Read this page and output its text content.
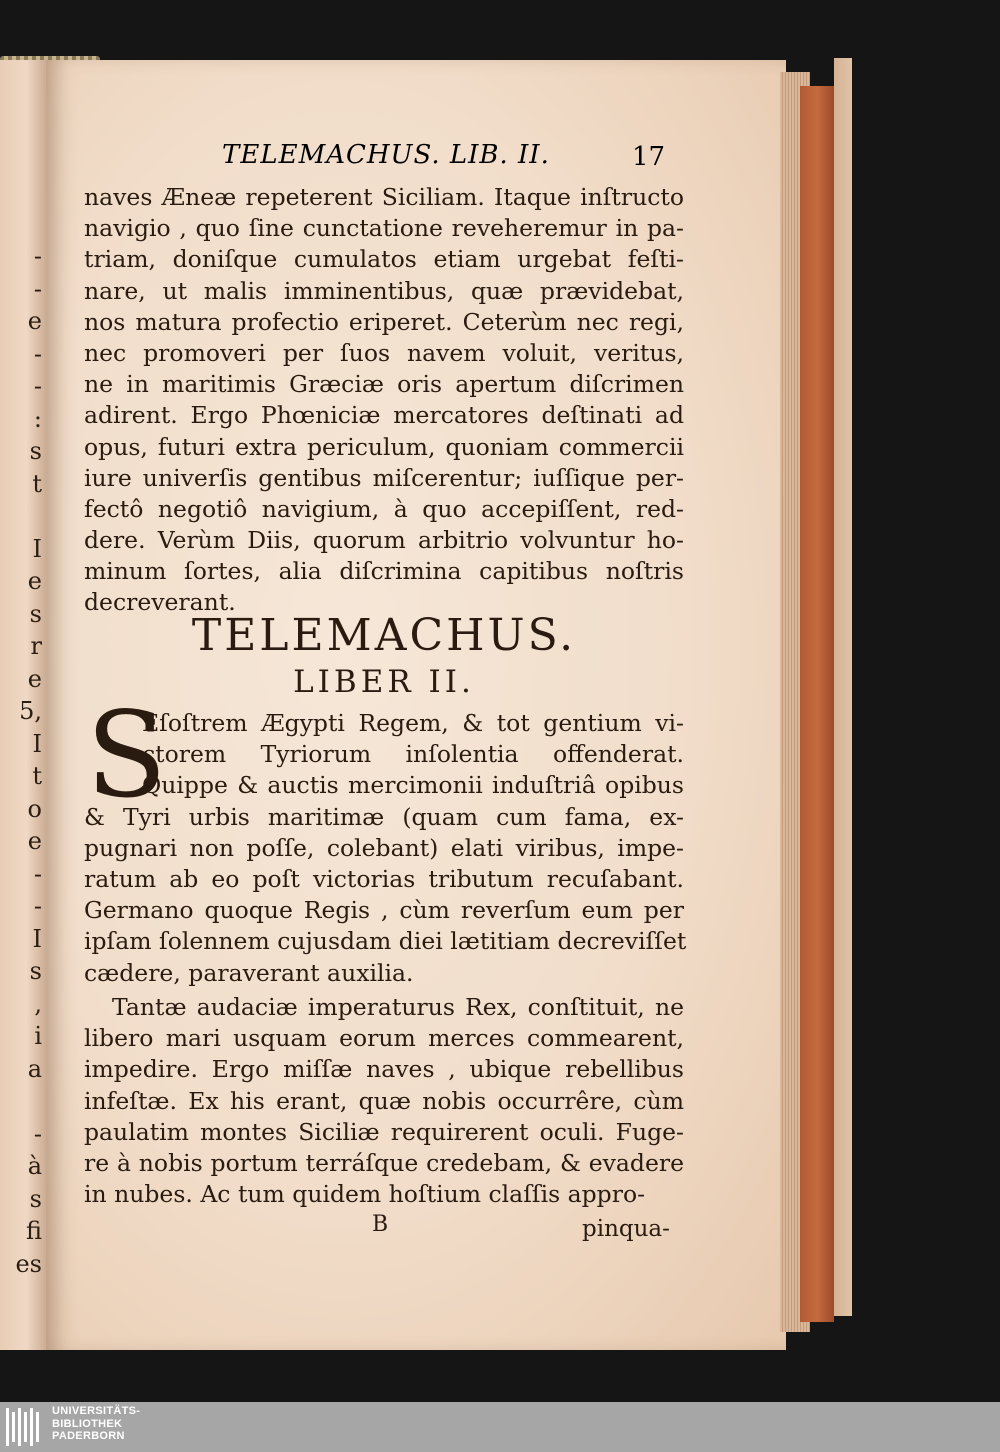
-
-
e
-
-
:
s
t
I
e
s
r
e
5,
I
t
o
e
-
-
I
s
,
i
a
-
à
s
fi
es
TELEMACHUS. LIB. II.	17
naves Æneæ repeterent Siciliam. Itaque inſtructo
navigio , quo ſine cunctatione reveheremur in pa-
triam, doniſque cumulatos etiam urgebat feſti-
nare, ut malis imminentibus, quæ prævidebat,
nos matura profectio eriperet. Ceterùm nec regi,
nec promoveri per ſuos navem voluit, veritus,
ne in maritimis Græciæ oris apertum diſcrimen
adirent. Ergo Phœniciæ mercatores deſtinati ad
opus, futuri extra periculum, quoniam commercii
iure univerſis gentibus miſcerentur; iuſſique per-
fectô negotiô navigium, à quo accepiſſent, red-
dere. Verùm Diis, quorum arbitrio volvuntur ho-
minum ſortes, alia diſcrimina capitibus noſtris
decreverant.
TELEMACHUS.
LIBER II.
S
Eſoſtrem Ægypti Regem, & tot gentium vi-
ctorem Tyriorum inſolentia offenderat.
Quippe & auctis mercimonii induſtriâ opibus
& Tyri urbis maritimæ (quam cum fama, ex-
pugnari non poſſe, colebant) elati viribus, impe-
ratum ab eo poſt victorias tributum recuſabant.
Germano quoque Regis , cùm reverſum eum per
ipſam ſolennem cujusdam diei lætitiam decreviſſet
cædere, paraverant auxilia.
Tantæ audaciæ imperaturus Rex, conſtituit, ne
libero mari usquam eorum merces commearent,
impedire. Ergo miſſæ naves , ubique rebellibus
infeſtæ. Ex his erant, quæ nobis occurrêre, cùm
paulatim montes Siciliæ requirerent oculi. Fuge-
re à nobis portum terráſque credebam, & evadere
in nubes. Ac tum quidem hoſtium claſſis appro-
B	pinqua-
UNIVERSITÄTS-
BIBLIOTHEK
PADERBORN
